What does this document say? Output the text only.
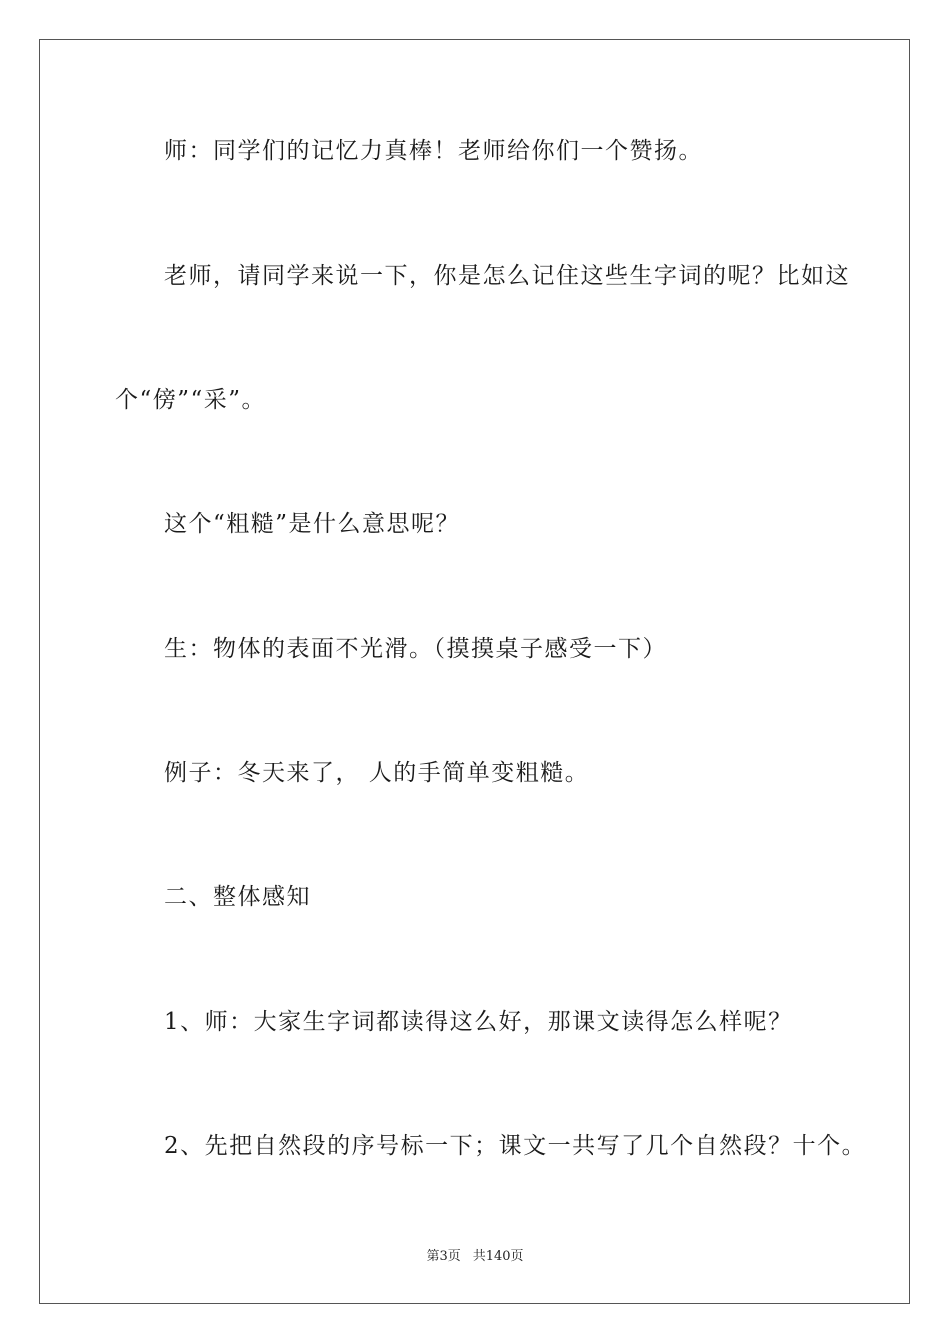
师：同学们的记忆力真棒！老师给你们一个赞扬。

老师，请同学来说一下，你是怎么记住这些生字词的呢？比如这

个“傍”“采”。

这个“粗糙”是什么意思呢？

生：物体的表面不光滑。（摸摸桌子感受一下）

例子：冬天来了， 人的手简单变粗糙。

二、整体感知

1、师：大家生字词都读得这么好，那课文读得怎么样呢？

2、先把自然段的序号标一下；课文一共写了几个自然段？十个。

第3页 共140页
